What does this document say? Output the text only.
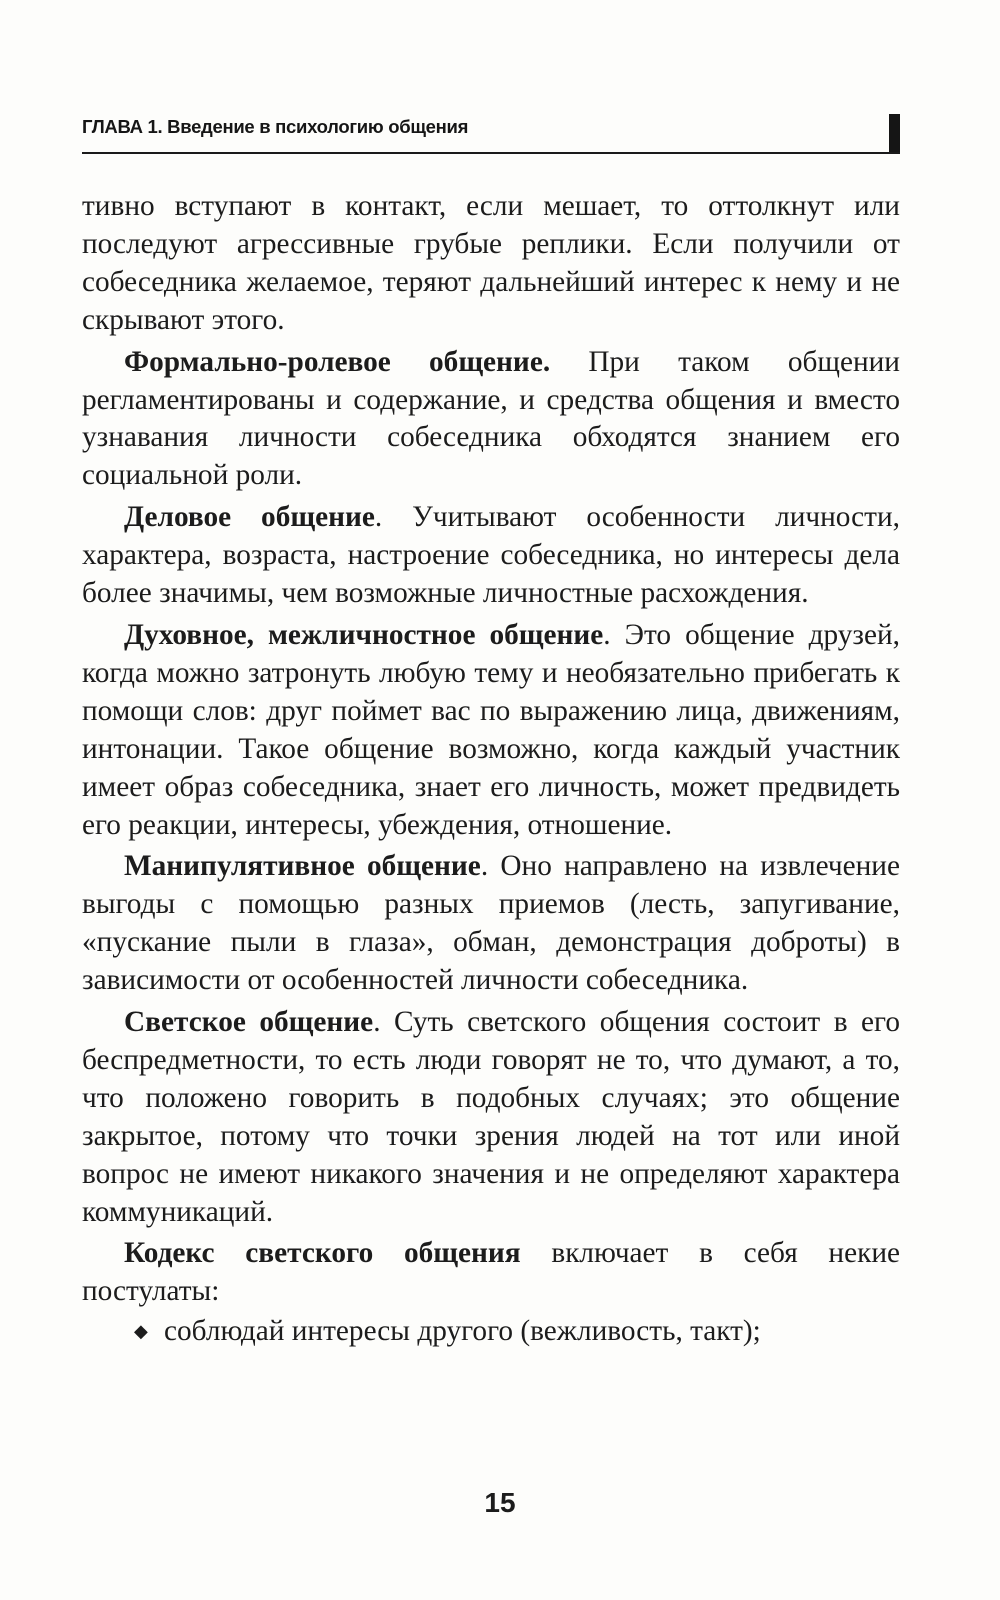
ГЛАВА 1. Введение в психологию общения

тивно вступают в контакт, если мешает, то оттолкнут или последуют агрессивные грубые реплики. Если получили от собеседника желаемое, теряют дальнейший интерес к нему и не скрывают этого.

Формально-ролевое общение. При таком общении регламентированы и содержание, и средства общения и вместо узнавания личности собеседника обходятся знанием его социальной роли.

Деловое общение. Учитывают особенности личности, характера, возраста, настроение собеседника, но интересы дела более значимы, чем возможные личностные расхождения.

Духовное, межличностное общение. Это общение друзей, когда можно затронуть любую тему и необязательно прибегать к помощи слов: друг поймет вас по выражению лица, движениям, интонации. Такое общение возможно, когда каждый участник имеет образ собеседника, знает его личность, может предвидеть его реакции, интересы, убеждения, отношение.

Манипулятивное общение. Оно направлено на извлечение выгоды с помощью разных приемов (лесть, запугивание, «пускание пыли в глаза», обман, демонстрация доброты) в зависимости от особенностей личности собеседника.

Светское общение. Суть светского общения состоит в его беспредметности, то есть люди говорят не то, что думают, а то, что положено говорить в подобных случаях; это общение закрытое, потому что точки зрения людей на тот или иной вопрос не имеют никакого значения и не определяют характера коммуникаций.

Кодекс светского общения включает в себя некие постулаты:

◆ соблюдай интересы другого (вежливость, такт);
15
